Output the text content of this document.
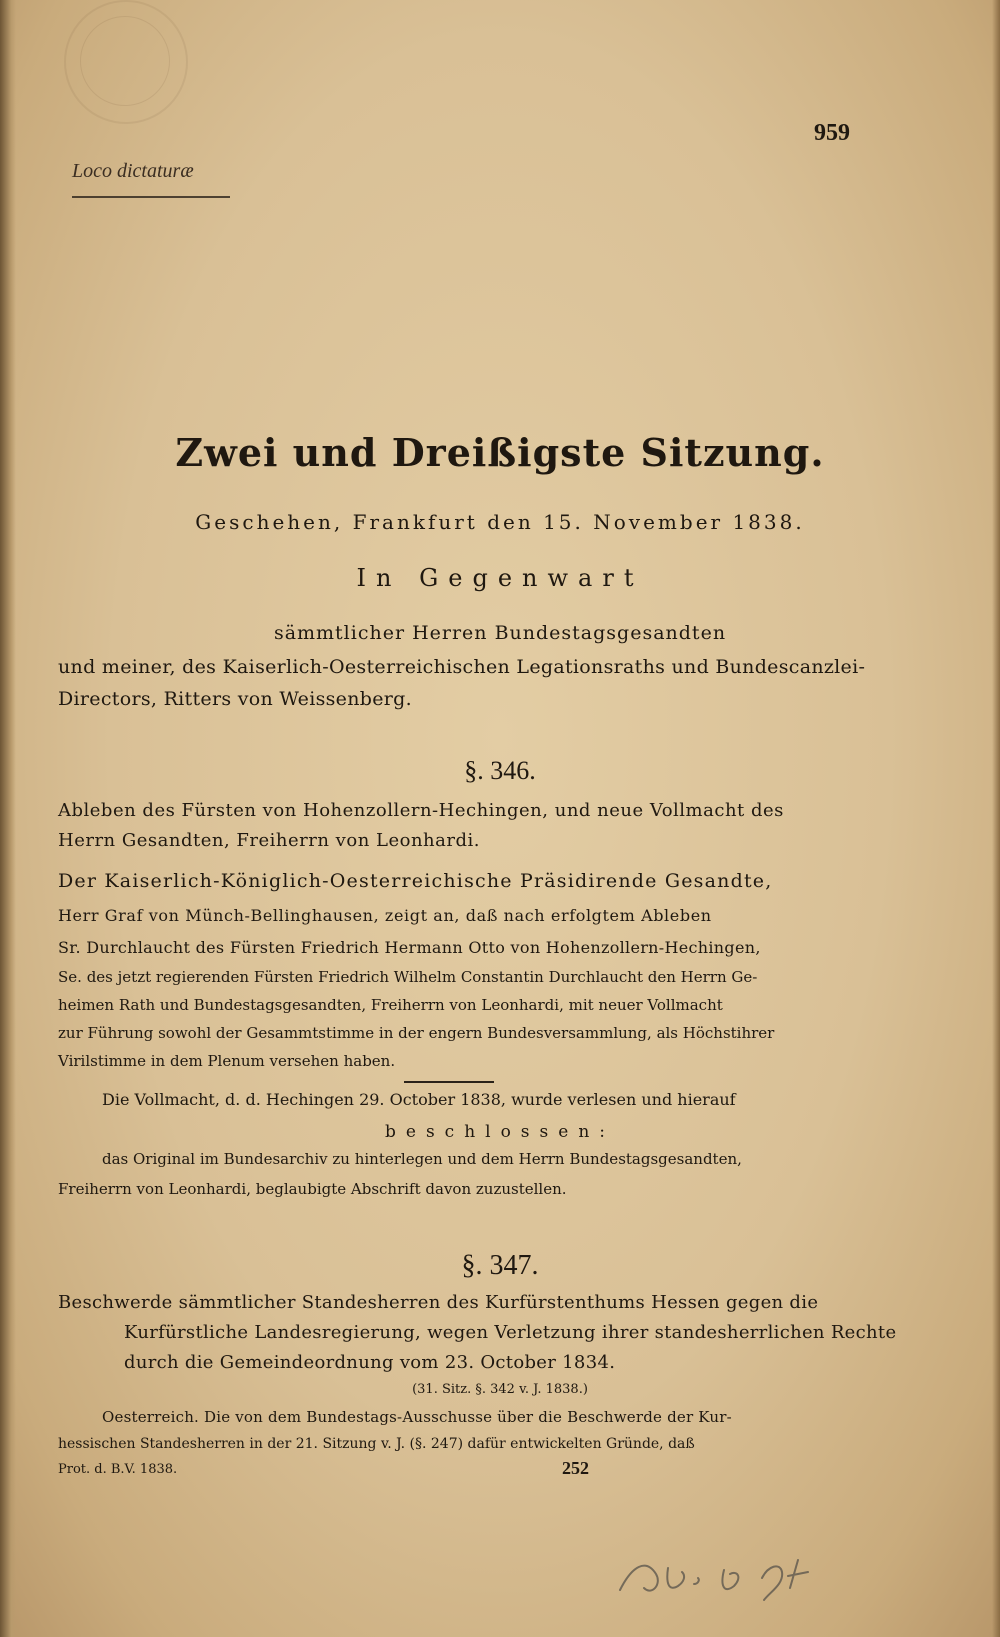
Loco dictaturæ
959
Zwei und Dreißigste Sitzung.
Geschehen, Frankfurt den 15. November 1838.
In Gegenwart
sämmtlicher Herren Bundestagsgesandten
und meiner, des Kaiserlich-Oesterreichischen Legationsraths und Bundescanzlei-
Directors, Ritters von Weissenberg.
§. 346.
Ableben des Fürsten von Hohenzollern-Hechingen, und neue Vollmacht des
Herrn Gesandten, Freiherrn von Leonhardi.
Der Kaiserlich-Königlich-Oesterreichische Präsidirende Gesandte,
Herr Graf von Münch-Bellinghausen, zeigt an, daß nach erfolgtem Ableben
Sr. Durchlaucht des Fürsten Friedrich Hermann Otto von Hohenzollern-Hechingen,
Se. des jetzt regierenden Fürsten Friedrich Wilhelm Constantin Durchlaucht den Herrn Ge-
heimen Rath und Bundestagsgesandten, Freiherrn von Leonhardi, mit neuer Vollmacht
zur Führung sowohl der Gesammtstimme in der engern Bundesversammlung, als Höchstihrer
Virilstimme in dem Plenum versehen haben.
Die Vollmacht, d. d. Hechingen 29. October 1838, wurde verlesen und hierauf
beschlossen:
das Original im Bundesarchiv zu hinterlegen und dem Herrn Bundestagsgesandten,
Freiherrn von Leonhardi, beglaubigte Abschrift davon zuzustellen.
§. 347.
Beschwerde sämmtlicher Standesherren des Kurfürstenthums Hessen gegen die
Kurfürstliche Landesregierung, wegen Verletzung ihrer standesherrlichen Rechte
durch die Gemeindeordnung vom 23. October 1834.
(31. Sitz. §. 342 v. J. 1838.)
Oesterreich. Die von dem Bundestags-Ausschusse über die Beschwerde der Kur-
hessischen Standesherren in der 21. Sitzung v. J. (§. 247) dafür entwickelten Gründe, daß
Prot. d. B.V. 1838.	252
